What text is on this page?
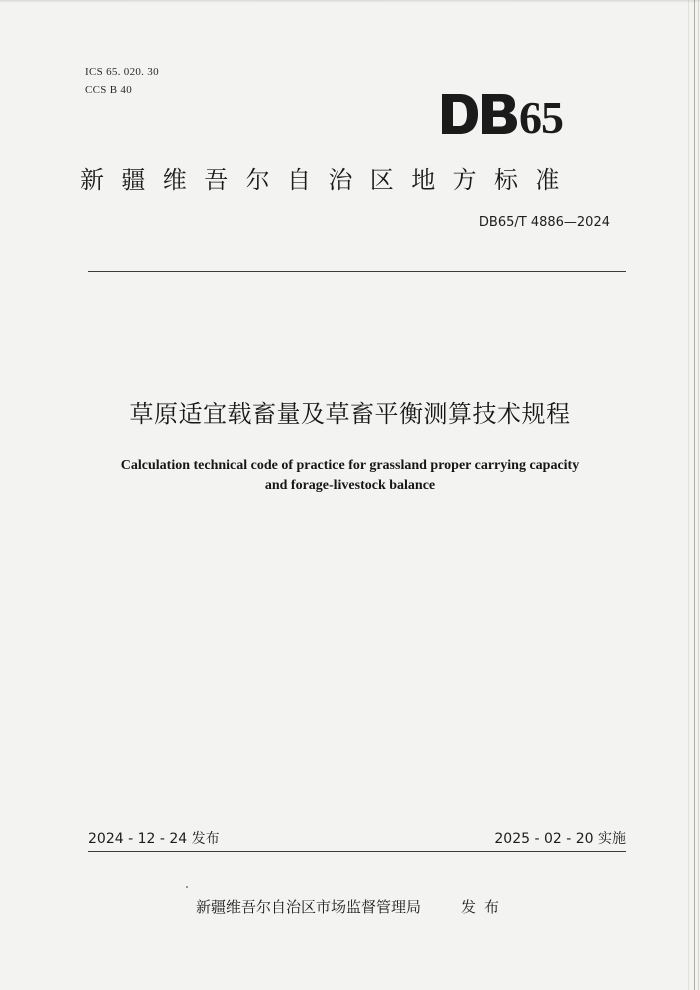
ICS 65. 020. 30
CCS B 40
65
新疆维吾尔自治区地方标准
DB65/T 4886—2024
草原适宜载畜量及草畜平衡测算技术规程
Calculation technical code of practice for grassland proper carrying capacity
and forage-livestock balance
2024 - 12 - 24 发布	2025 - 02 - 20 实施
新疆维吾尔自治区市场监督管理局	发布
